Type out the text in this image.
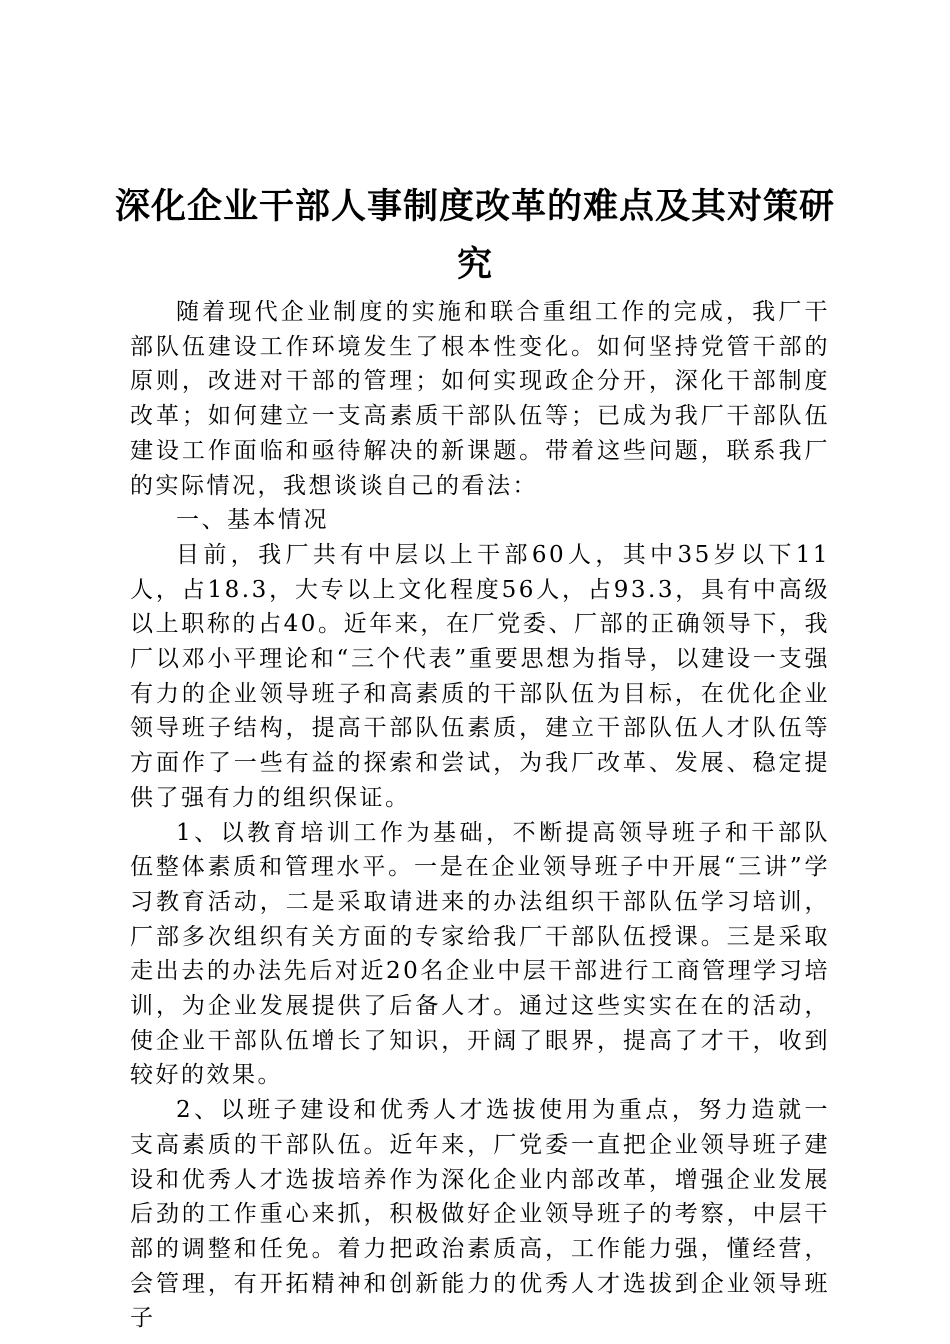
深化企业干部人事制度改革的难点及其对策研究

随着现代企业制度的实施和联合重组工作的完成，我厂干部队伍建设工作环境发生了根本性变化。如何坚持党管干部的原则，改进对干部的管理；如何实现政企分开，深化干部制度改革；如何建立一支高素质干部队伍等；已成为我厂干部队伍建设工作面临和亟待解决的新课题。带着这些问题，联系我厂的实际情况，我想谈谈自己的看法：

一、基本情况

目前，我厂共有中层以上干部60人，其中35岁以下11人，占18.3，大专以上文化程度56人，占93.3，具有中高级以上职称的占40。近年来，在厂党委、厂部的正确领导下，我厂以邓小平理论和“三个代表”重要思想为指导，以建设一支强有力的企业领导班子和高素质的干部队伍为目标，在优化企业领导班子结构，提高干部队伍素质，建立干部队伍人才队伍等方面作了一些有益的探索和尝试，为我厂改革、发展、稳定提供了强有力的组织保证。

1、以教育培训工作为基础，不断提高领导班子和干部队伍整体素质和管理水平。一是在企业领导班子中开展“三讲”学习教育活动，二是采取请进来的办法组织干部队伍学习培训，厂部多次组织有关方面的专家给我厂干部队伍授课。三是采取走出去的办法先后对近20名企业中层干部进行工商管理学习培训，为企业发展提供了后备人才。通过这些实实在在的活动，使企业干部队伍增长了知识，开阔了眼界，提高了才干，收到较好的效果。

2、以班子建设和优秀人才选拔使用为重点，努力造就一支高素质的干部队伍。近年来，厂党委一直把企业领导班子建设和优秀人才选拔培养作为深化企业内部改革，增强企业发展后劲的工作重心来抓，积极做好企业领导班子的考察，中层干部的调整和任免。着力把政治素质高，工作能力强，懂经营，会管理，有开拓精神和创新能力的优秀人才选拔到企业领导班子
